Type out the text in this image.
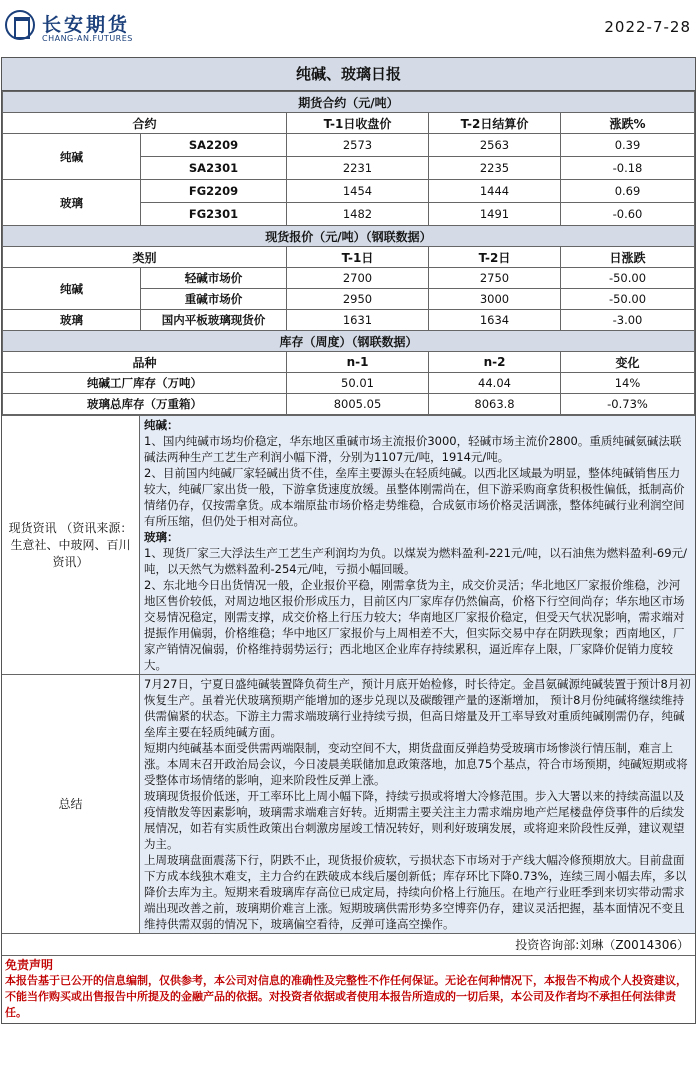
长安期货
CHANG-AN.FUTURES
2022-7-28
纯碱、玻璃日报
期货合约（元/吨）				
合约		T-1日收盘价	T-2日结算价	涨跌%
纯碱	SA2209	2573	2563	0.39
	SA2301	2231	2235	-0.18
玻璃	FG2209	1454	1444	0.69
	FG2301	1482	1491	-0.60
现货报价（元/吨）（钢联数据）				
类别		T-1日	T-2日	日涨跌
纯碱	轻碱市场价	2700	2750	-50.00
	重碱市场价	2950	3000	-50.00
玻璃	国内平板玻璃现货价	1631	1634	-3.00
库存（周度）（钢联数据）				
品种		n-1	n-2	变化
纯碱工厂库存（万吨）		50.01	44.04	14%
玻璃总库存（万重箱）		8005.05	8063.8	-0.73%
现货资讯 （资讯来源：生意社、中玻网、百川资讯）

纯碱：

1、国内纯碱市场均价稳定，华东地区重碱市场主流报价3000，轻碱市场主流价2800。重质纯碱氨碱法联碱法两种生产工艺生产利润小幅下滑，分别为1107元/吨，1914元/吨。

2、目前国内纯碱厂家轻碱出货不佳，垒库主要源头在轻质纯碱。以西北区域最为明显，整体纯碱销售压力较大，纯碱厂家出货一般，下游拿货速度放缓。虽整体刚需尚在，但下游采购商拿货积极性偏低，抵制高价情绪仍存，仅按需拿货。成本端原盐市场价格走势维稳，合成氨市场价格灵活调涨，整体纯碱行业利润空间有所压缩，但仍处于相对高位。

玻璃：

1、现货厂家三大浮法生产工艺生产利润均为负。以煤炭为燃料盈利-221元/吨，以石油焦为燃料盈利-69元/吨，以天然气为燃料盈利-254元/吨，亏损小幅回暖。

2、东北地今日出货情况一般，企业报价平稳，刚需拿货为主，成交价灵活；华北地区厂家报价维稳，沙河地区售价较低，对周边地区报价形成压力，目前区内厂家库存仍然偏高，价格下行空间尚存；华东地区市场交易情况稳定，刚需支撑，成交价格上行压力较大；华南地区厂家报价稳定，但受天气状况影响，需求端对提振作用偏弱，价格维稳；华中地区厂家报价与上周相差不大，但实际交易中存在阴跌现象；西南地区，厂家产销情况偏弱，价格维持弱势运行；西北地区企业库存持续累积，逼近库存上限，厂家降价促销力度较大。

总结

7月27日，宁夏日盛纯碱装置降负荷生产，预计月底开始检修，时长待定。金昌氨碱源纯碱装置于预计8月初恢复生产。虽着光伏玻璃预期产能增加的逐步兑现以及碳酸锂产量的逐渐增加， 预计8月份纯碱将继续维持供需偏紧的状态。下游主力需求端玻璃行业持续亏损，但高日熔量及开工率导致对重质纯碱刚需仍存，纯碱垒库主要在轻质纯碱方面。

短期内纯碱基本面受供需两端限制，变动空间不大，期货盘面反弹趋势受玻璃市场惨淡行情压制，难言上涨。本周末召开政治局会议，今日凌晨美联储加息政策落地，加息75个基点，符合市场预期，纯碱短期或将受整体市场情绪的影响，迎来阶段性反弹上涨。

玻璃现货报价低迷，开工率环比上周小幅下降，持续亏损或将增大冷修范围。步入大署以来的持续高温以及疫情散发等因素影响，玻璃需求端难言好转。近期需主要关注主力需求端房地产烂尾楼盘停贷事件的后续发展情况，如若有实质性政策出台刺激房屋竣工情况转好，则利好玻璃发展，或将迎来阶段性反弹，建议观望为主。

上周玻璃盘面震荡下行，阴跌不止，现货报价疲软，亏损状态下市场对于产线大幅冷修预期放大。目前盘面下方成本线独木难支，主力合约在跌破成本线后屡创新低；库存环比下降0.73%，连续三周小幅去库，多以降价去库为主。短期来看玻璃库存高位已成定局，持续向价格上行施压。在地产行业旺季到来切实带动需求端出现改善之前，玻璃期价难言上涨。短期玻璃供需形势多空博弈仍存，建议灵活把握，基本面情况不变且维持供需双弱的情况下，玻璃偏空看待，反弹可逢高空操作。

投资咨询部:刘琳（Z0014306）
免责声明
本报告基于已公开的信息编制，仅供参考，本公司对信息的准确性及完整性不作任何保证。无论在何种情况下，本报告不构成个人投资建议，不能当作购买或出售报告中所提及的金融产品的依据。对投资者依据或者使用本报告所造成的一切后果，本公司及作者均不承担任何法律责任。
